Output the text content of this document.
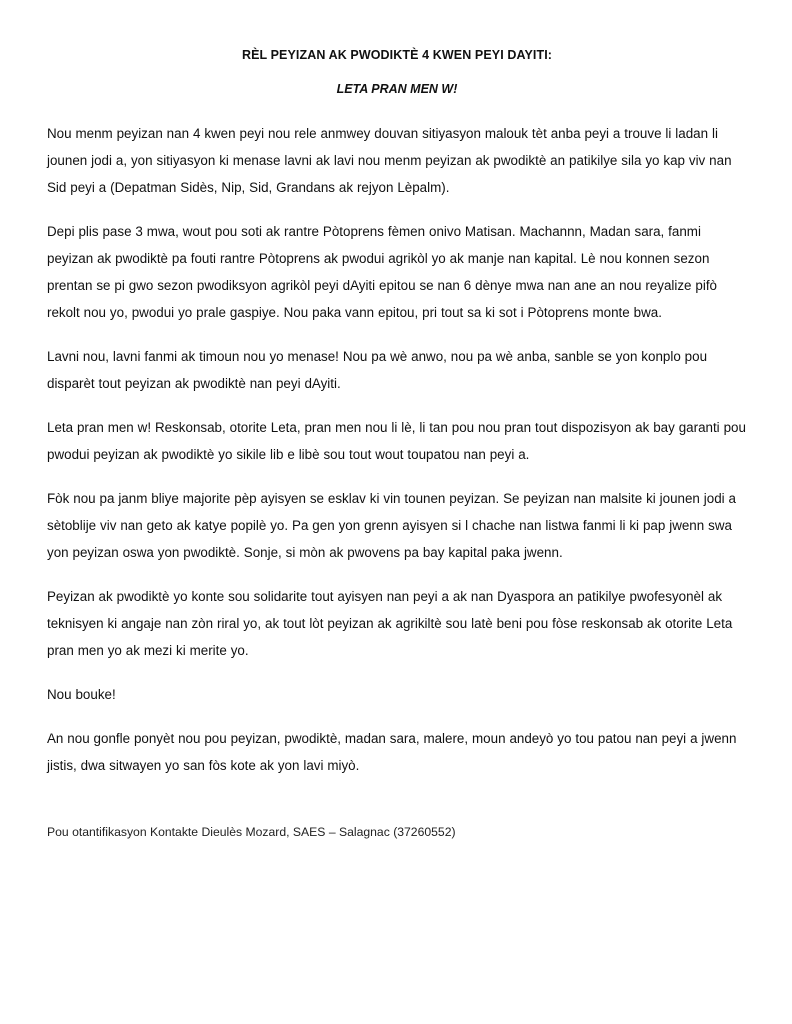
RÈL PEYIZAN AK PWODIKTÈ 4 KWEN PEYI DAYITI:

LETA PRAN MEN W!

Nou menm peyizan nan 4 kwen peyi nou rele anmwey douvan sitiyasyon malouk tèt anba peyi a trouve li ladan li jounen jodi a, yon sitiyasyon ki menase lavni ak lavi nou menm peyizan ak pwodiktè an patikilye sila yo kap viv nan Sid peyi a (Depatman Sidès, Nip, Sid, Grandans ak rejyon Lèpalm).

Depi plis pase 3 mwa, wout pou soti ak rantre Pòtoprens fèmen onivo Matisan. Machannn, Madan sara, fanmi peyizan ak pwodiktè pa fouti rantre Pòtoprens ak pwodui agrikòl yo ak manje nan kapital. Lè nou konnen sezon prentan se pi gwo sezon pwodiksyon agrikòl peyi dAyiti epitou se nan 6 dènye mwa nan ane an nou reyalize pifò rekolt nou yo, pwodui yo prale gaspiye. Nou paka vann epitou, pri tout sa ki sot i Pòtoprens monte bwa.

Lavni nou, lavni fanmi ak timoun nou yo menase! Nou pa wè anwo, nou pa wè anba, sanble se yon konplo pou disparèt tout peyizan ak pwodiktè nan peyi dAyiti.

Leta pran men w! Reskonsab, otorite Leta, pran men nou li lè, li tan pou nou pran tout dispozisyon ak bay garanti pou pwodui peyizan ak pwodiktè yo sikile lib e libè sou tout wout toupatou nan peyi a.

Fòk nou pa janm bliye majorite pèp ayisyen se esklav ki vin tounen peyizan. Se peyizan nan malsite ki jounen jodi a sètoblije viv nan geto ak katye popilè yo. Pa gen yon grenn ayisyen si l chache nan listwa fanmi li ki pap jwenn swa yon peyizan oswa yon pwodiktè. Sonje, si mòn ak pwovens pa bay kapital paka jwenn.

Peyizan ak pwodiktè yo konte sou solidarite tout ayisyen nan peyi a ak nan Dyaspora an patikilye pwofesyonèl ak teknisyen ki angaje nan zòn riral yo, ak tout lòt peyizan ak agrikiltè sou latè beni pou fòse reskonsab ak otorite Leta pran men yo ak mezi ki merite yo.

Nou bouke!

An nou gonfle ponyèt nou pou peyizan, pwodiktè, madan sara, malere, moun andeyò yo tou patou nan peyi a jwenn jistis, dwa sitwayen yo san fòs kote ak yon lavi miyò.

Pou otantifikasyon Kontakte Dieulès Mozard, SAES – Salagnac (37260552)
